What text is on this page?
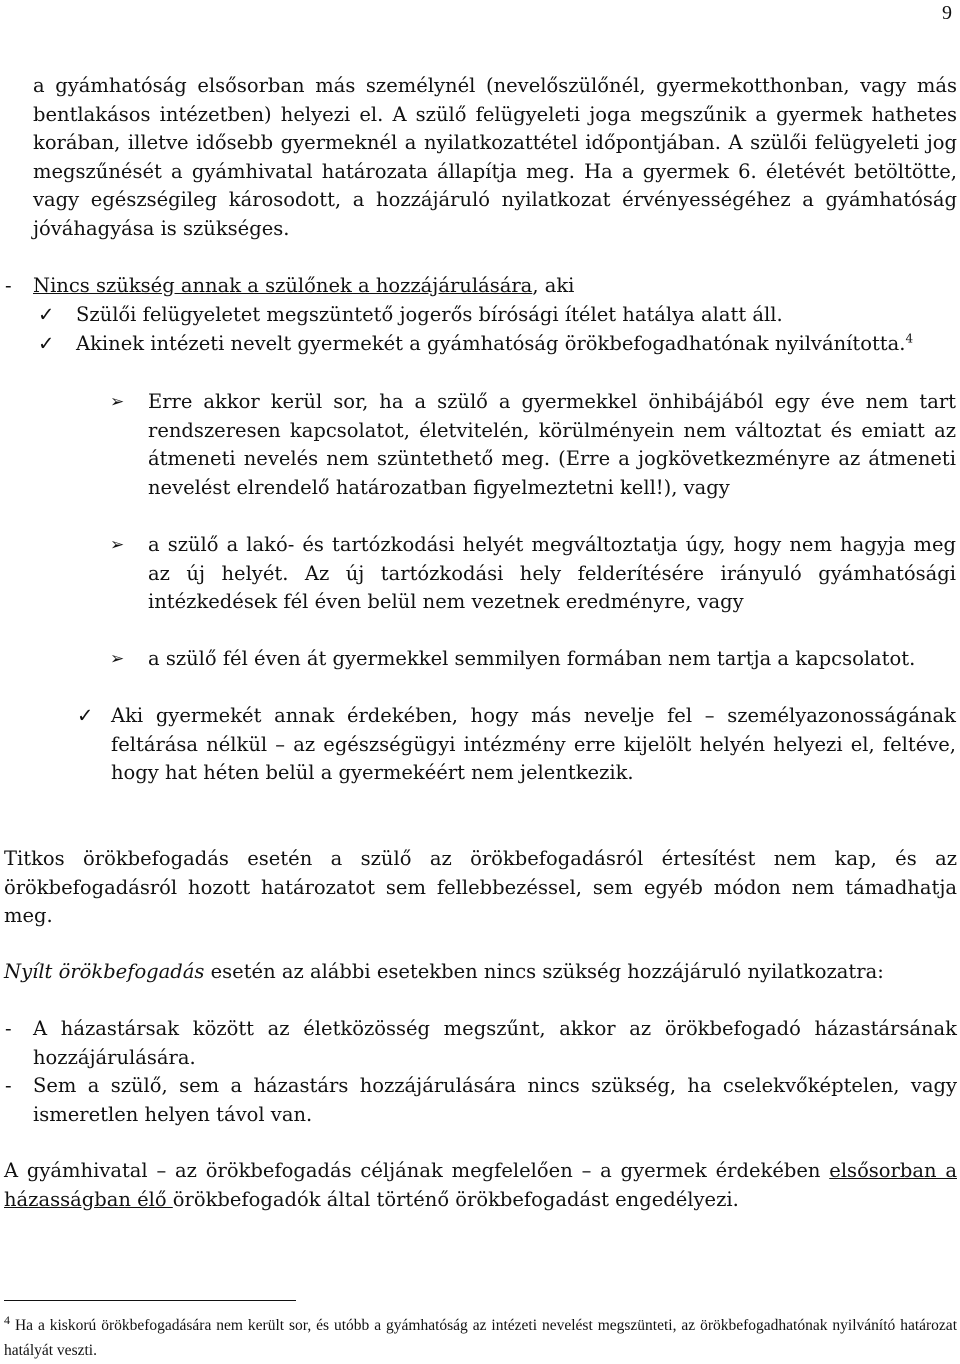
9
a gyámhatóság elsősorban más személynél (nevelőszülőnél, gyermekotthonban, vagy más bentlakásos intézetben) helyezi el. A szülő felügyeleti joga megszűnik a gyermek hathetes korában, illetve idősebb gyermeknél a nyilatkozattétel időpontjában. A szülői felügyeleti jog megszűnését a gyámhivatal határozata állapítja meg. Ha a gyermek 6. életévét betöltötte, vagy egészségileg károsodott, a hozzájáruló nyilatkozat érvényességéhez a gyámhatóság jóváhagyása is szükséges.
- Nincs szükség annak a szülőnek a hozzájárulására, aki
✓ Szülői felügyeletet megszüntető jogerős bírósági ítélet hatálya alatt áll.
✓ Akinek intézeti nevelt gyermekét a gyámhatóság örökbefogadhatónak nyilvánította.$^4$
➢ Erre akkor kerül sor, ha a szülő a gyermekkel önhibájából egy éve nem tart rendszeresen kapcsolatot, életvitelén, körülményein nem változtat és emiatt az átmeneti nevelés nem szüntethető meg. (Erre a jogkövetkezményre az átmeneti nevelést elrendelő határozatban figyelmeztetni kell!), vagy
➢ a szülő a lakó- és tartózkodási helyét megváltoztatja úgy, hogy nem hagyja meg az új helyét. Az új tartózkodási hely felderítésére irányuló gyámhatósági intézkedések fél éven belül nem vezetnek eredményre, vagy
➢ a szülő fél éven át gyermekkel semmilyen formában nem tartja a kapcsolatot.
✓ Aki gyermekét annak érdekében, hogy más nevelje fel – személyazonosságának feltárása nélkül – az egészségügyi intézmény erre kijelölt helyén helyezi el, feltéve, hogy hat héten belül a gyermekéért nem jelentkezik.
Titkos örökbefogadás esetén a szülő az örökbefogadásról értesítést nem kap, és az örökbefogadásról hozott határozatot sem fellebbezéssel, sem egyéb módon nem támadhatja meg.
Nyílt örökbefogadás esetén az alábbi esetekben nincs szükség hozzájáruló nyilatkozatra:
- A házastársak között az életközösség megszűnt, akkor az örökbefogadó házastársának hozzájárulására.
- Sem a szülő, sem a házastárs hozzájárulására nincs szükség, ha cselekvőképtelen, vagy ismeretlen helyen távol van.
A gyámhivatal – az örökbefogadás céljának megfelelően – a gyermek érdekében elsősorban a házasságban élő örökbefogadók által történő örökbefogadást engedélyezi.
$^4$ Ha a kiskorú örökbefogadására nem került sor, és utóbb a gyámhatóság az intézeti nevelést megszünteti, az örökbefogadhatónak nyilvánító határozat hatályát veszti.
